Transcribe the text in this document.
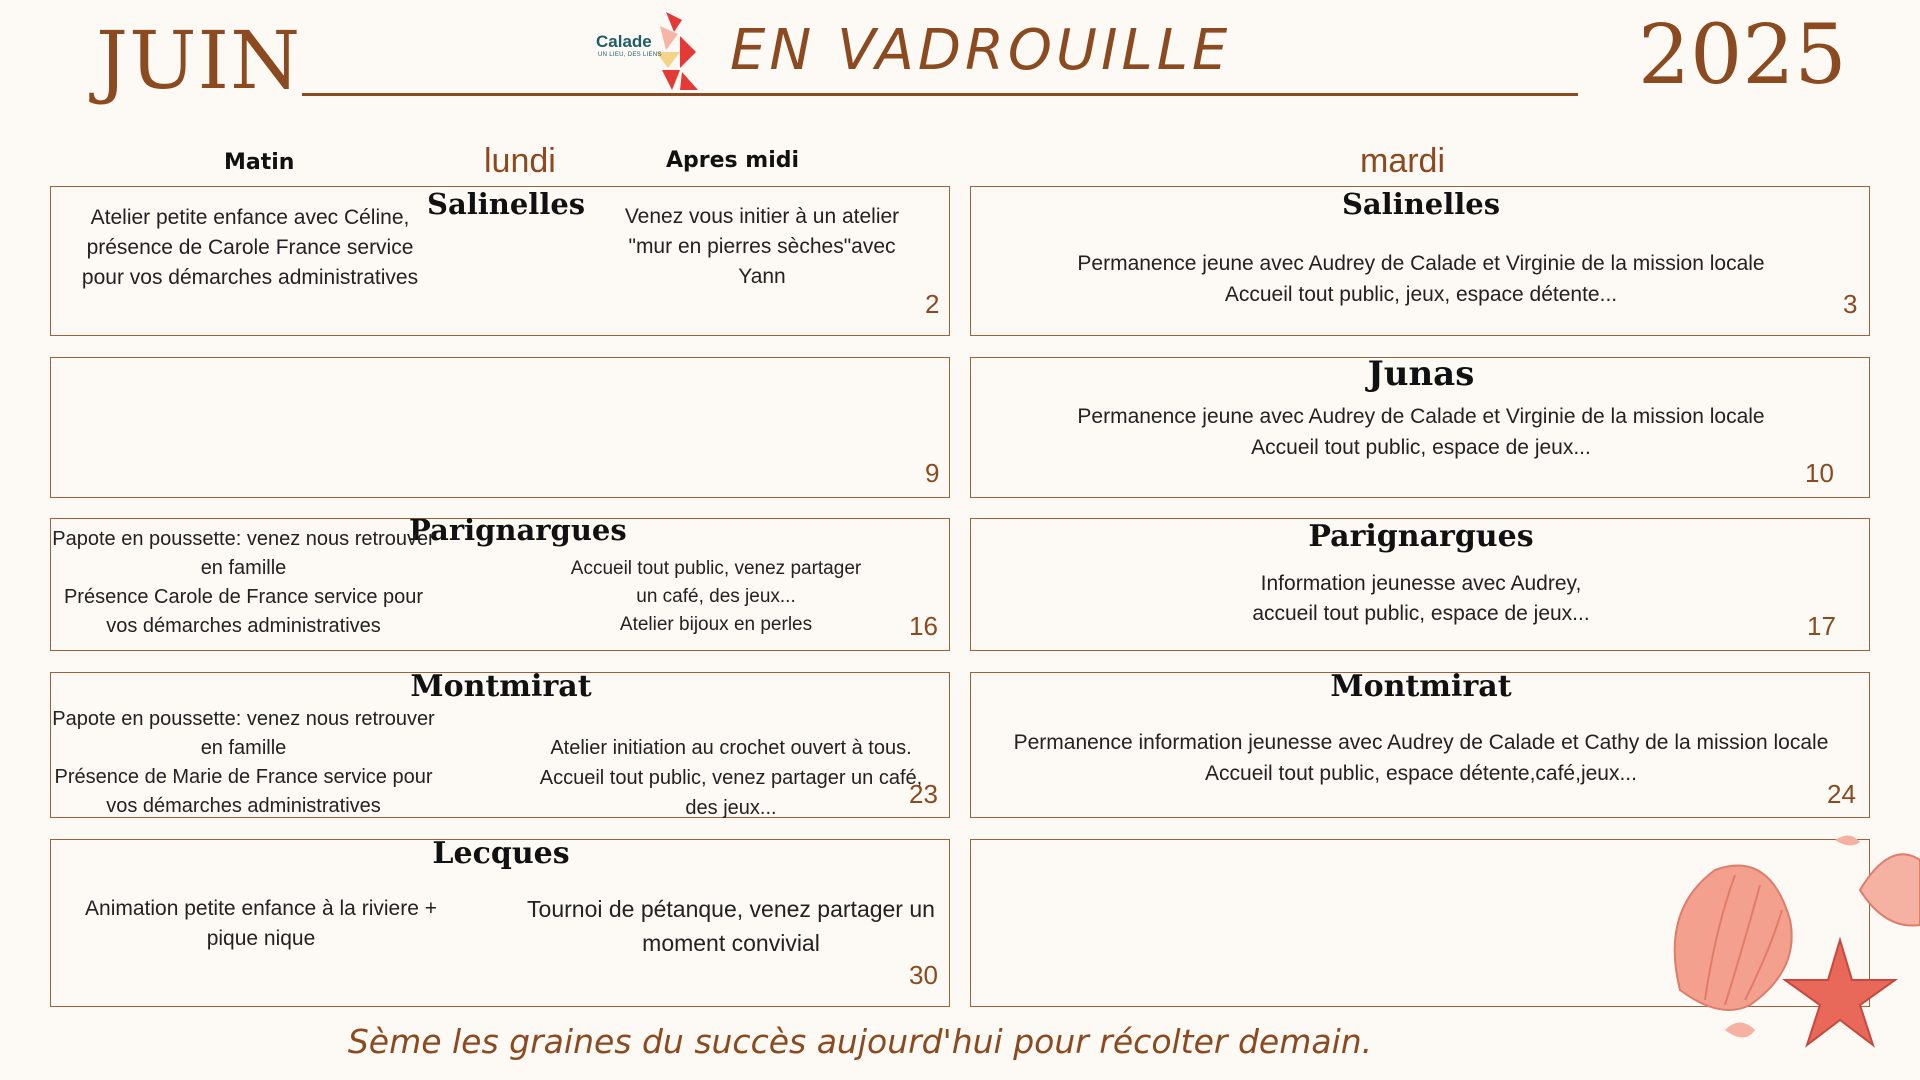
JUIN	2025
Calade
UN LIEU, DES LIENS EN VADROUILLE
Matin	lundi	Apres midi	mardi
Salinelles
Atelier petite enfance avec Céline, présence de Carole France service pour vos démarches administratives
Venez vous initier à un atelier "mur en pierres sèches"avec Yann
2
Salinelles
Permanence jeune avec Audrey de Calade et Virginie de la mission locale
Accueil tout public, jeux, espace détente...	3
9
Junas
Permanence jeune avec Audrey de Calade et Virginie de la mission locale
Accueil tout public, espace de jeux...
10
Parignargues
Papote en poussette: venez nous retrouver en famille
Présence Carole de France service pour vos démarches administratives
Accueil tout public, venez partager un café, des jeux...
Atelier bijoux en perles	16
Parignargues
Information jeunesse avec Audrey,
accueil tout public, espace de jeux...	17
Montmirat
Papote en poussette: venez nous retrouver en famille
Présence de Marie de France service pour vos démarches administratives
Atelier initiation au crochet ouvert à tous.
Accueil tout public, venez partager un café, des jeux...	23
Montmirat
Permanence information jeunesse avec Audrey de Calade et Cathy de la mission locale
Accueil tout public, espace détente,café,jeux...
24
Lecques
Animation petite enfance à la riviere + pique nique
Tournoi de pétanque, venez partager un moment convivial
30
Sème les graines du succès aujourd'hui pour récolter demain.
